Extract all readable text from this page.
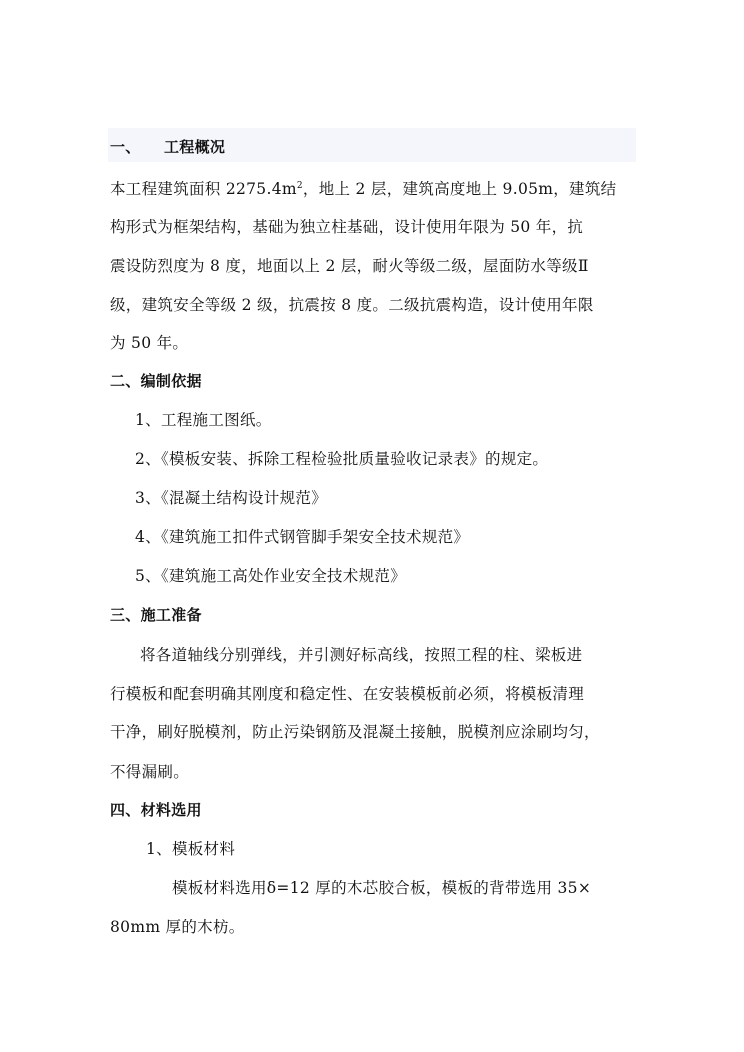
一、 工程概况
本工程建筑面积 $2275.4m^2$，地上 2 层，建筑高度地上 9.05m，建筑结
构形式为框架结构，基础为独立柱基础，设计使用年限为 50 年，抗
震设防烈度为 8 度，地面以上 2 层，耐火等级二级，屋面防水等级Ⅱ
级，建筑安全等级 2 级，抗震按 8 度。二级抗震构造，设计使用年限
为 50 年。
二、编制依据
1、工程施工图纸。
2、《模板安装、拆除工程检验批质量验收记录表》的规定。
3、《混凝土结构设计规范》
4、《建筑施工扣件式钢管脚手架安全技术规范》
5、《建筑施工高处作业安全技术规范》
三、施工准备
将各道轴线分别弹线，并引测好标高线，按照工程的柱、梁板进
行模板和配套明确其刚度和稳定性、在安装模板前必须，将模板清理
干净，刷好脱模剂，防止污染钢筋及混凝土接触，脱模剂应涂刷均匀，
不得漏刷。
四、材料选用
1、模板材料
模板材料选用δ=12 厚的木芯胶合板，模板的背带选用 35×
80mm 厚的木枋。
